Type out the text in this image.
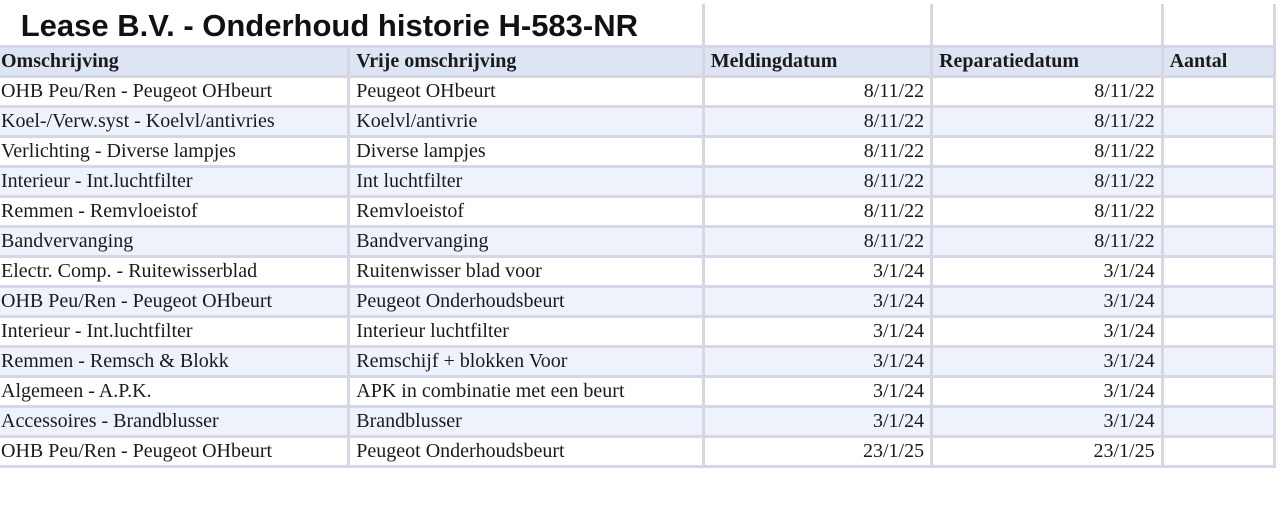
Lease B.V. - Onderhoud historie H-583-NR				
Omschrijving	Vrije omschrijving	Meldingdatum	Reparatiedatum	Aantal
OHB Peu/Ren - Peugeot OHbeurt	Peugeot OHbeurt	8/11/22	8/11/22	
Koel-/Verw.syst - Koelvl/antivries	Koelvl/antivrie	8/11/22	8/11/22	
Verlichting - Diverse lampjes	Diverse lampjes	8/11/22	8/11/22	
Interieur - Int.luchtfilter	Int luchtfilter	8/11/22	8/11/22	
Remmen - Remvloeistof	Remvloeistof	8/11/22	8/11/22	
Bandvervanging	Bandvervanging	8/11/22	8/11/22	
Electr. Comp. - Ruitewisserblad	Ruitenwisser blad voor	3/1/24	3/1/24	
OHB Peu/Ren - Peugeot OHbeurt	Peugeot Onderhoudsbeurt	3/1/24	3/1/24	
Interieur - Int.luchtfilter	Interieur luchtfilter	3/1/24	3/1/24	
Remmen - Remsch & Blokk	Remschijf + blokken Voor	3/1/24	3/1/24	
Algemeen - A.P.K.	APK in combinatie met een beurt	3/1/24	3/1/24	
Accessoires - Brandblusser	Brandblusser	3/1/24	3/1/24	
OHB Peu/Ren - Peugeot OHbeurt	Peugeot Onderhoudsbeurt	23/1/25	23/1/25	
